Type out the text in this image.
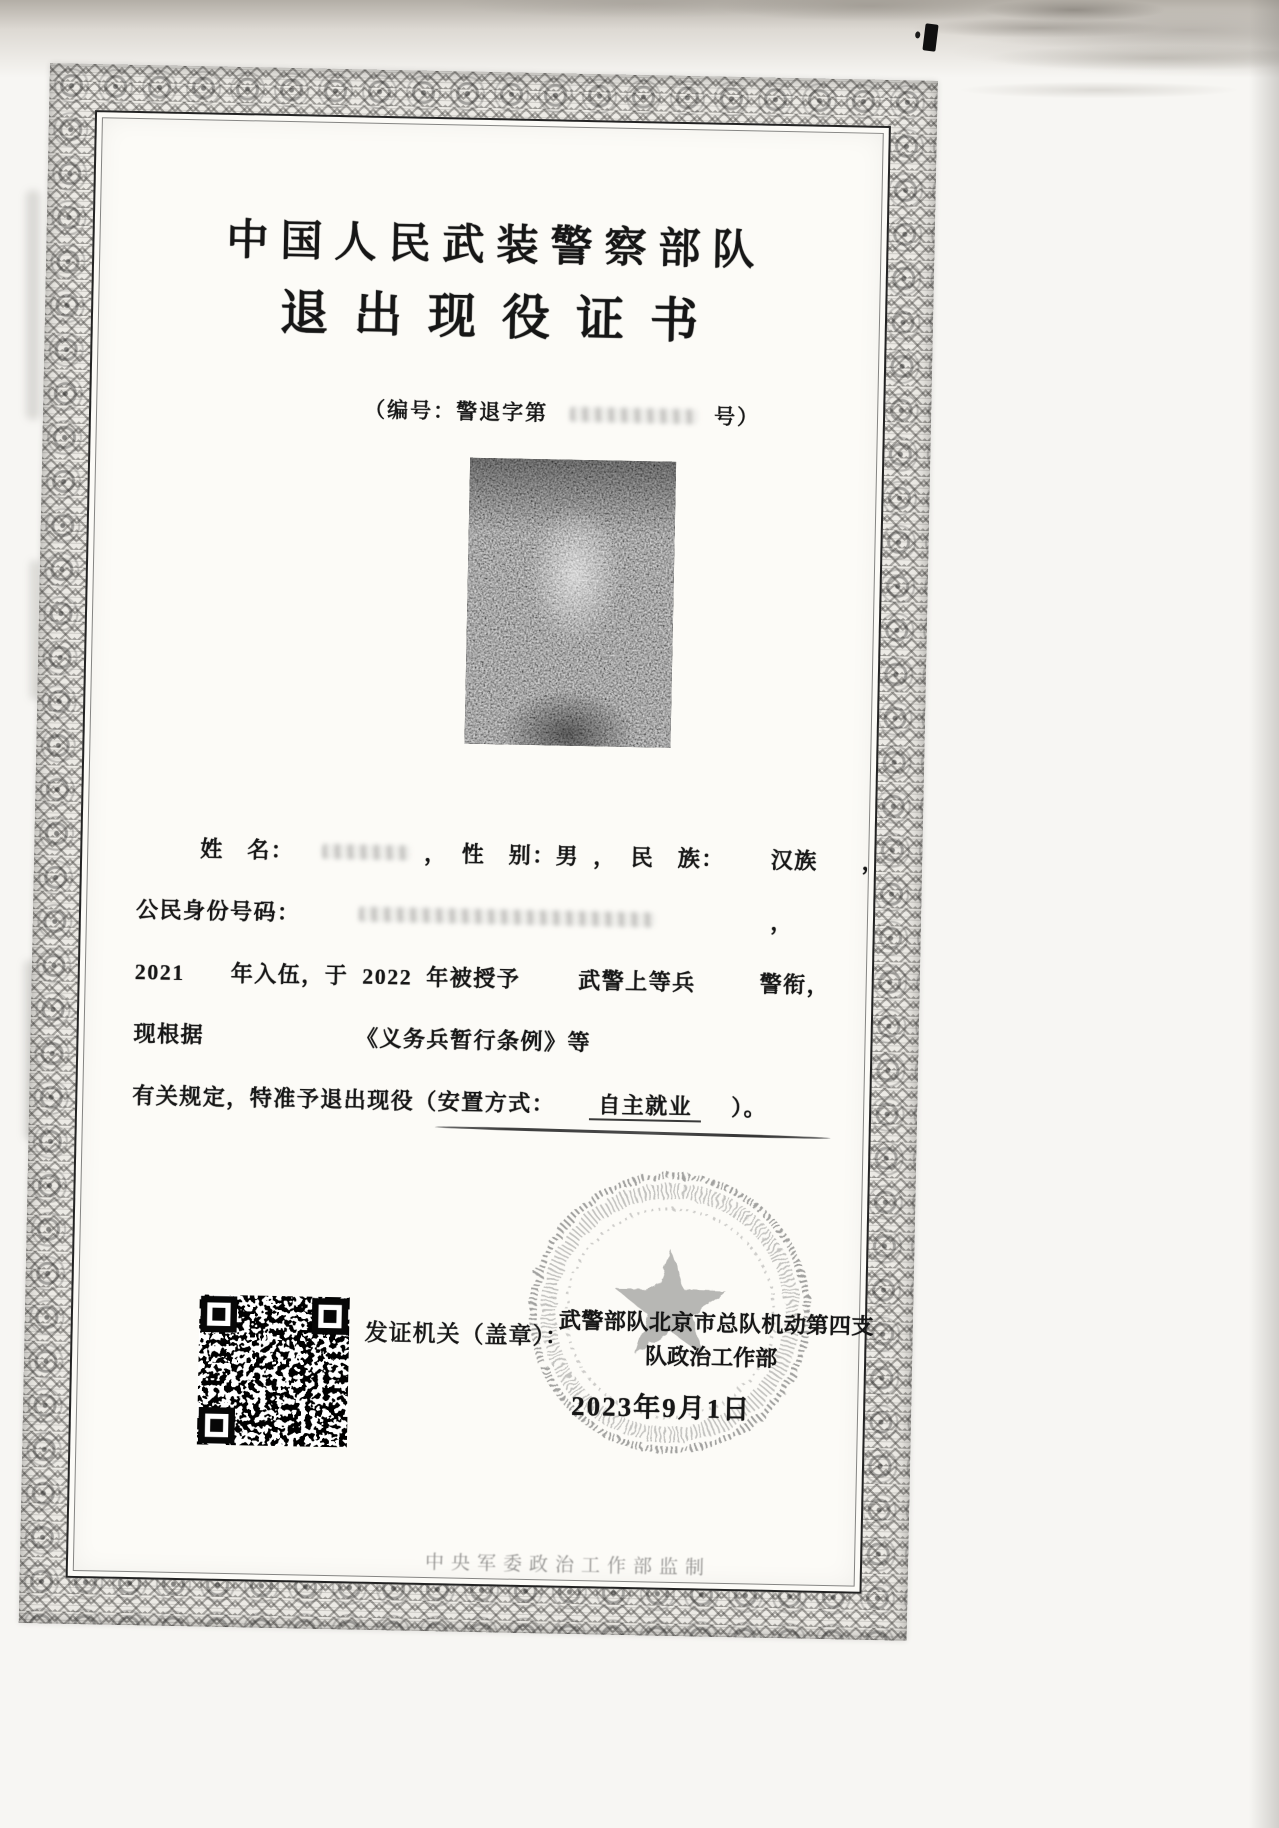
中国人民武装警察部队
退出现役证书
（编号：警退字第	号）
姓　名：	， 性　别：男 ， 民　族： 汉族 ，
公民身份号码：	，
2021 年入伍，于 2022 年被授予	武警上等兵	警衔，
现根据	《义务兵暂行条例》等
有关规定，特准予退出现役（安置方式： 自主就业 ）。
发证机关（盖章）：
武警部队北京市总队机动第四支
队政治工作部
2023年9月1日
中央军委政治工作部监制
